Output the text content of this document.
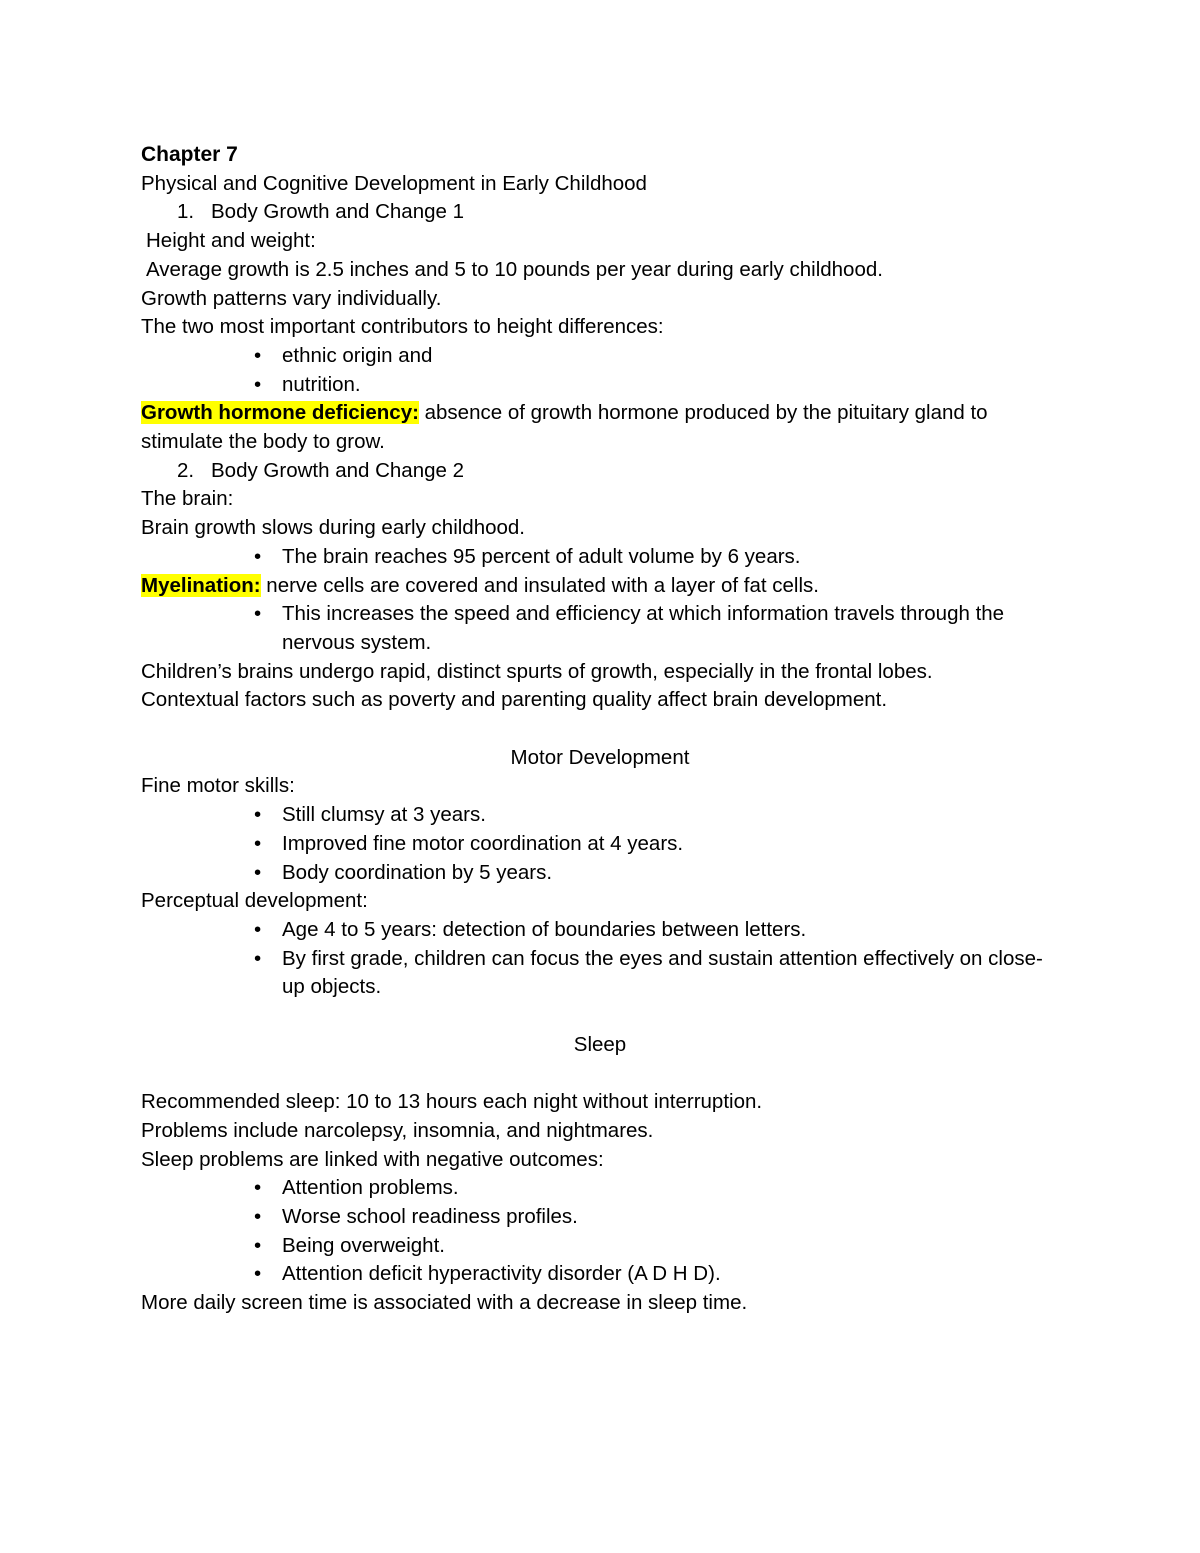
Chapter 7
Physical and Cognitive Development in Early Childhood
1. Body Growth and Change 1
Height and weight:
Average growth is 2.5 inches and 5 to 10 pounds per year during early childhood.
Growth patterns vary individually.
The two most important contributors to height differences:
• ethnic origin and
• nutrition.
Growth hormone deficiency: absence of growth hormone produced by the pituitary gland to stimulate the body to grow.
2. Body Growth and Change 2
The brain:
Brain growth slows during early childhood.
• The brain reaches 95 percent of adult volume by 6 years.
Myelination: nerve cells are covered and insulated with a layer of fat cells.
• This increases the speed and efficiency at which information travels through the nervous system.
Children’s brains undergo rapid, distinct spurts of growth, especially in the frontal lobes.
Contextual factors such as poverty and parenting quality affect brain development.
Motor Development
Fine motor skills:
• Still clumsy at 3 years.
• Improved fine motor coordination at 4 years.
• Body coordination by 5 years.
Perceptual development:
• Age 4 to 5 years: detection of boundaries between letters.
• By first grade, children can focus the eyes and sustain attention effectively on close-up objects.
Sleep
Recommended sleep: 10 to 13 hours each night without interruption.
Problems include narcolepsy, insomnia, and nightmares.
Sleep problems are linked with negative outcomes:
• Attention problems.
• Worse school readiness profiles.
• Being overweight.
• Attention deficit hyperactivity disorder (A D H D).
More daily screen time is associated with a decrease in sleep time.
